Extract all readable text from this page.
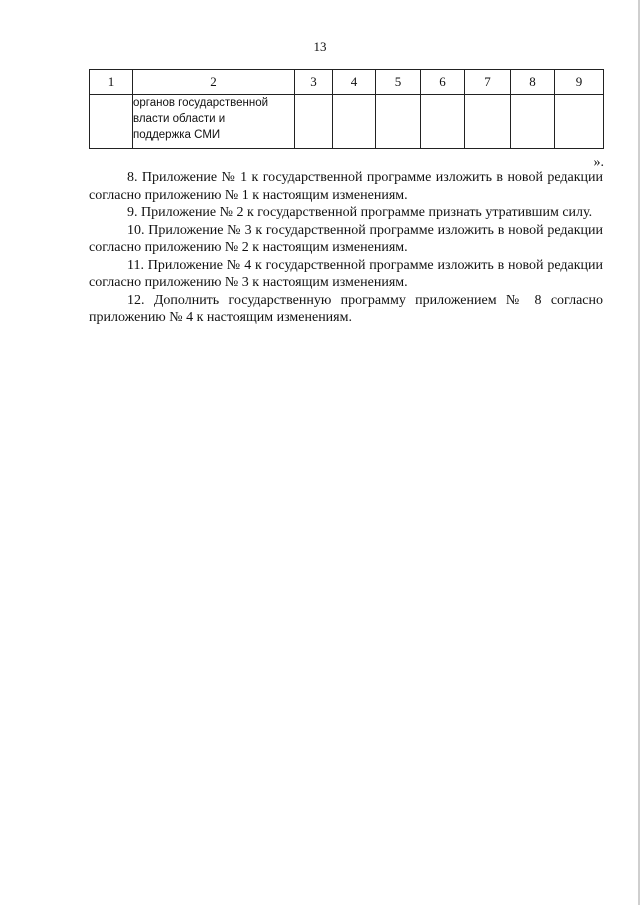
13
1	2	3	4	5	6	7	8	9
	органов государственной
власти области и
поддержка СМИ							
».

8. Приложение № 1 к государственной программе изложить в новой редакции согласно приложению № 1 к настоящим изменениям.

9. Приложение № 2 к государственной программе признать утратившим силу.

10. Приложение № 3 к государственной программе изложить в новой редакции согласно приложению № 2 к настоящим изменениям.

11. Приложение № 4 к государственной программе изложить в новой редакции согласно приложению № 3 к настоящим изменениям.

12. Дополнить государственную программу приложением № 8 согласно приложению № 4 к настоящим изменениям.
